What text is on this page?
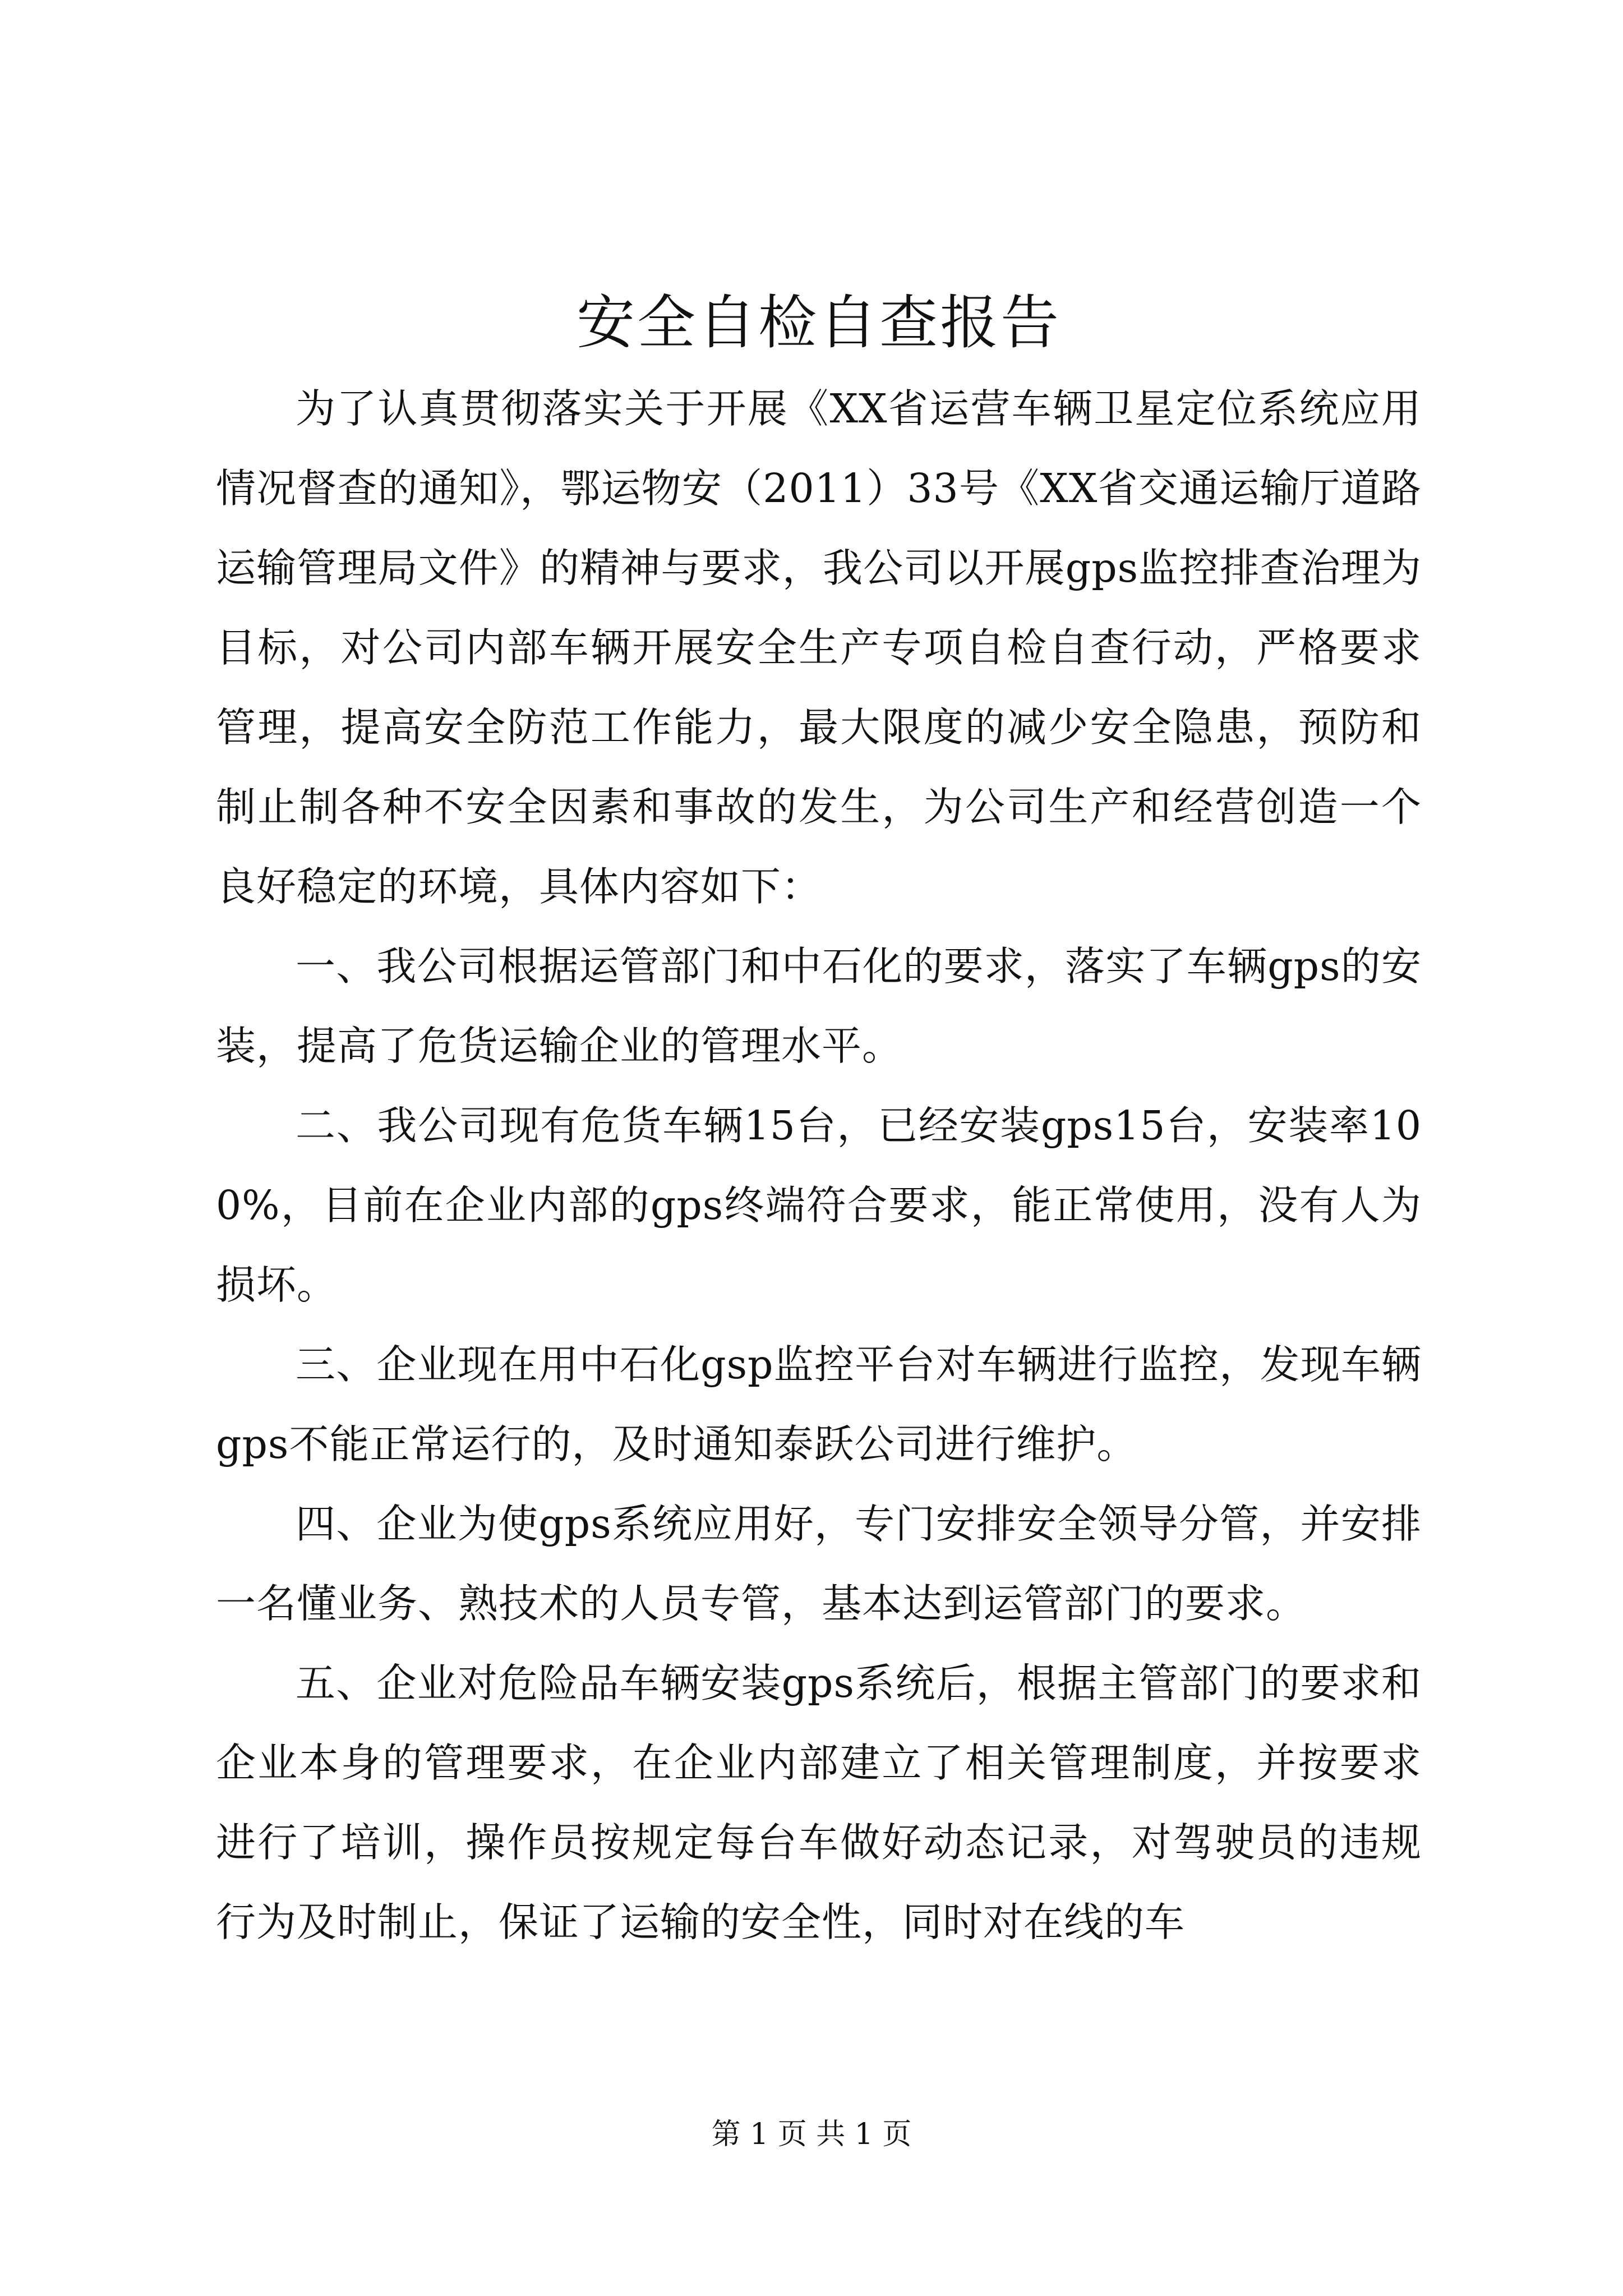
安全自检自查报告

为了认真贯彻落实关于开展《XX省运营车辆卫星定位系统应用情况督查的通知》，鄂运物安（2011）33号《XX省交通运输厅道路运输管理局文件》的精神与要求，我公司以开展gps监控排查治理为目标，对公司内部车辆开展安全生产专项自检自查行动，严格要求管理，提高安全防范工作能力，最大限度的减少安全隐患，预防和制止制各种不安全因素和事故的发生，为公司生产和经营创造一个良好稳定的环境，具体内容如下：

一、我公司根据运管部门和中石化的要求，落实了车辆gps的安装，提高了危货运输企业的管理水平。

二、我公司现有危货车辆15台，已经安装gps15台，安装率100%，目前在企业内部的gps终端符合要求，能正常使用，没有人为损坏。

三、企业现在用中石化gsp监控平台对车辆进行监控，发现车辆gps不能正常运行的，及时通知泰跃公司进行维护。

四、企业为使gps系统应用好，专门安排安全领导分管，并安排一名懂业务、熟技术的人员专管，基本达到运管部门的要求。

五、企业对危险品车辆安装gps系统后，根据主管部门的要求和企业本身的管理要求，在企业内部建立了相关管理制度，并按要求进行了培训，操作员按规定每台车做好动态记录，对驾驶员的违规行为及时制止，保证了运输的安全性，同时对在线的车

第 1 页 共 1 页
